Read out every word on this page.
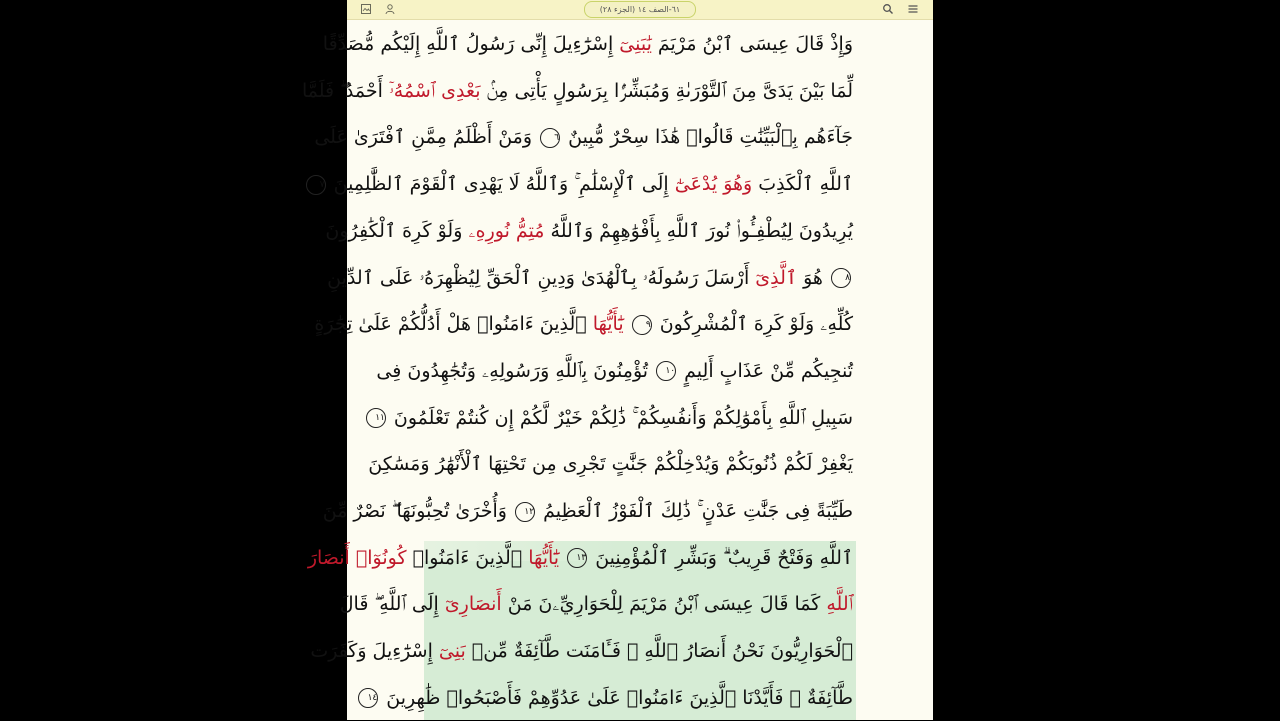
٦١-الصف ١٤ (الجزء ٢٨)
وَإِذْ قَالَ عِيسَى ٱبْنُ مَرْيَمَ يَٰبَنِىٓ إِسْرَٰٓءِيلَ إِنِّى رَسُولُ ٱللَّهِ إِلَيْكُم مُّصَدِّقًا
لِّمَا بَيْنَ يَدَىَّ مِنَ ٱلتَّوْرَىٰةِ وَمُبَشِّرًۢا بِرَسُولٍ يَأْتِى مِنۢ بَعْدِى ٱسْمُهُۥٓ أَحْمَدُ ۖ فَلَمَّا
جَآءَهُم بِٱلْبَيِّنَٰتِ قَالُوا۟ هَٰذَا سِحْرٌ مُّبِينٌ ٦ وَمَنْ أَظْلَمُ مِمَّنِ ٱفْتَرَىٰ عَلَى
ٱللَّهِ ٱلْكَذِبَ وَهُوَ يُدْعَىٰٓ إِلَى ٱلْإِسْلَٰمِ ۚ وَٱللَّهُ لَا يَهْدِى ٱلْقَوْمَ ٱلظَّٰلِمِينَ ٧
يُرِيدُونَ لِيُطْفِـُٔوا۟ نُورَ ٱللَّهِ بِأَفْوَٰهِهِمْ وَٱللَّهُ مُتِمُّ نُورِهِۦ وَلَوْ كَرِهَ ٱلْكَٰفِرُونَ
٨ هُوَ ٱلَّذِىٓ أَرْسَلَ رَسُولَهُۥ بِٱلْهُدَىٰ وَدِينِ ٱلْحَقِّ لِيُظْهِرَهُۥ عَلَى ٱلدِّينِ
كُلِّهِۦ وَلَوْ كَرِهَ ٱلْمُشْرِكُونَ ٩ يَٰٓأَيُّهَا ٱلَّذِينَ ءَامَنُوا۟ هَلْ أَدُلُّكُمْ عَلَىٰ تِجَٰرَةٍ
تُنجِيكُم مِّنْ عَذَابٍ أَلِيمٍ ١٠ تُؤْمِنُونَ بِٱللَّهِ وَرَسُولِهِۦ وَتُجَٰهِدُونَ فِى
سَبِيلِ ٱللَّهِ بِأَمْوَٰلِكُمْ وَأَنفُسِكُمْ ۚ ذَٰلِكُمْ خَيْرٌ لَّكُمْ إِن كُنتُمْ تَعْلَمُونَ ١١
يَغْفِرْ لَكُمْ ذُنُوبَكُمْ وَيُدْخِلْكُمْ جَنَّٰتٍ تَجْرِى مِن تَحْتِهَا ٱلْأَنْهَٰرُ وَمَسَٰكِنَ
طَيِّبَةً فِى جَنَّٰتِ عَدْنٍ ۚ ذَٰلِكَ ٱلْفَوْزُ ٱلْعَظِيمُ ١٢ وَأُخْرَىٰ تُحِبُّونَهَا ۖ نَصْرٌ مِّنَ
ٱللَّهِ وَفَتْحٌ قَرِيبٌ ۗ وَبَشِّرِ ٱلْمُؤْمِنِينَ ١٣ يَٰٓأَيُّهَا ٱلَّذِينَ ءَامَنُوا۟ كُونُوٓا۟ أَنصَارَ
ٱللَّهِ كَمَا قَالَ عِيسَى ٱبْنُ مَرْيَمَ لِلْحَوَارِيِّۦنَ مَنْ أَنصَارِىٓ إِلَى ٱللَّهِ ۖ قَالَ
ٱلْحَوَارِيُّونَ نَحْنُ أَنصَارُ ٱللَّهِ ۖ فَـَٔامَنَت طَّآئِفَةٌ مِّنۢ بَنِىٓ إِسْرَٰٓءِيلَ وَكَفَرَت
طَّآئِفَةٌ ۖ فَأَيَّدْنَا ٱلَّذِينَ ءَامَنُوا۟ عَلَىٰ عَدُوِّهِمْ فَأَصْبَحُوا۟ ظَٰهِرِينَ ١٤
